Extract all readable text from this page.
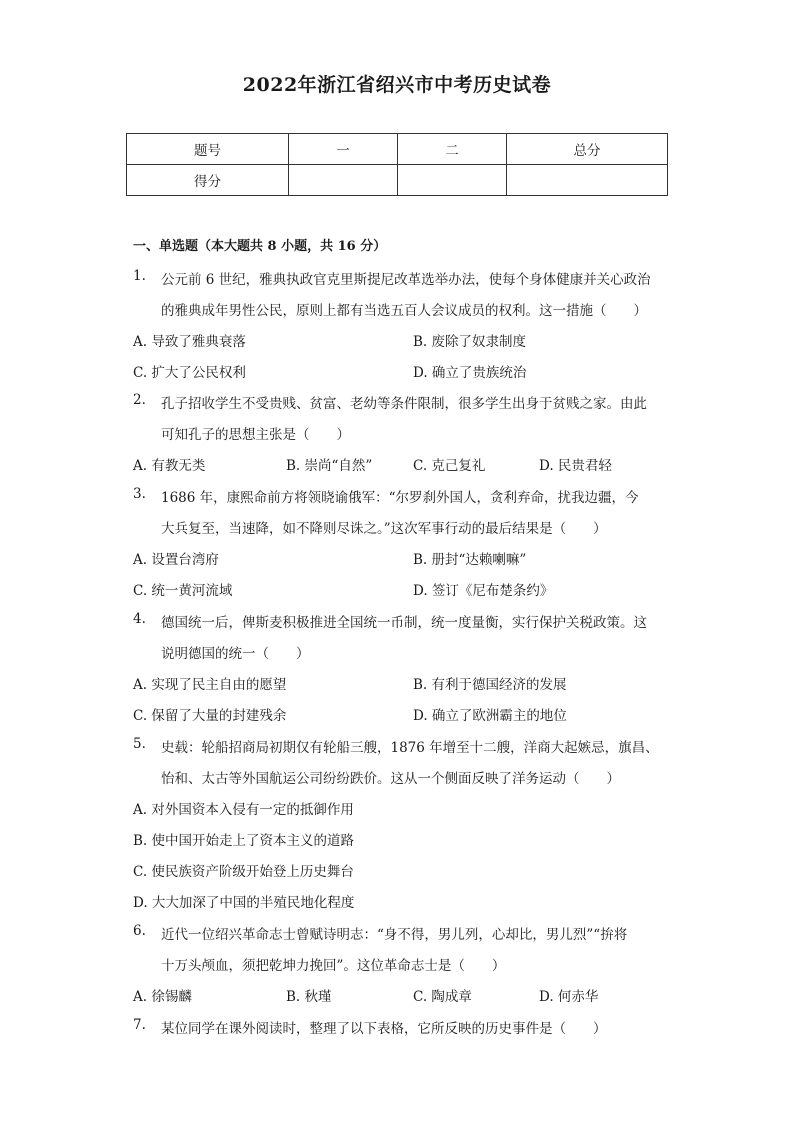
2022年浙江省绍兴市中考历史试卷
题号	一	二	总分
得分			
一、单选题（本大题共 8 小题，共 16 分）
1. 公元前 6 世纪，雅典执政官克里斯提尼改革选举办法，使每个身体健康并关心政治
的雅典成年男性公民，原则上都有当选五百人会议成员的权利。这一措施（　　）
A. 导致了雅典衰落	B. 废除了奴隶制度
C. 扩大了公民权利	D. 确立了贵族统治
2. 孔子招收学生不受贵贱、贫富、老幼等条件限制，很多学生出身于贫贱之家。由此
可知孔子的思想主张是（　　）
A. 有教无类	B. 崇尚“自然”	C. 克己复礼	D. 民贵君轻
3. 1686 年，康熙命前方将领晓谕俄军：“尔罗刹外国人，贪利弃命，扰我边疆，今
大兵复至，当速降，如不降则尽诛之。”这次军事行动的最后结果是（　　）
A. 设置台湾府	B. 册封“达赖喇嘛”
C. 统一黄河流域	D. 签订《尼布楚条约》
4. 德国统一后，俾斯麦积极推进全国统一币制，统一度量衡，实行保护关税政策。这
说明德国的统一（　　）
A. 实现了民主自由的愿望	B. 有利于德国经济的发展
C. 保留了大量的封建残余	D. 确立了欧洲霸主的地位
5. 史载：轮船招商局初期仅有轮船三艘，1876 年增至十二艘，洋商大起嫉忌，旗昌、
怡和、太古等外国航运公司纷纷跌价。这从一个侧面反映了洋务运动（　　）
A. 对外国资本入侵有一定的抵御作用
B. 使中国开始走上了资本主义的道路
C. 使民族资产阶级开始登上历史舞台
D. 大大加深了中国的半殖民地化程度
6. 近代一位绍兴革命志士曾赋诗明志：“身不得，男儿列，心却比，男儿烈”“拚将
十万头颅血，须把乾坤力挽回”。这位革命志士是（　　）
A. 徐锡麟	B. 秋瑾	C. 陶成章	D. 何赤华
7. 某位同学在课外阅读时，整理了以下表格，它所反映的历史事件是（　　）
